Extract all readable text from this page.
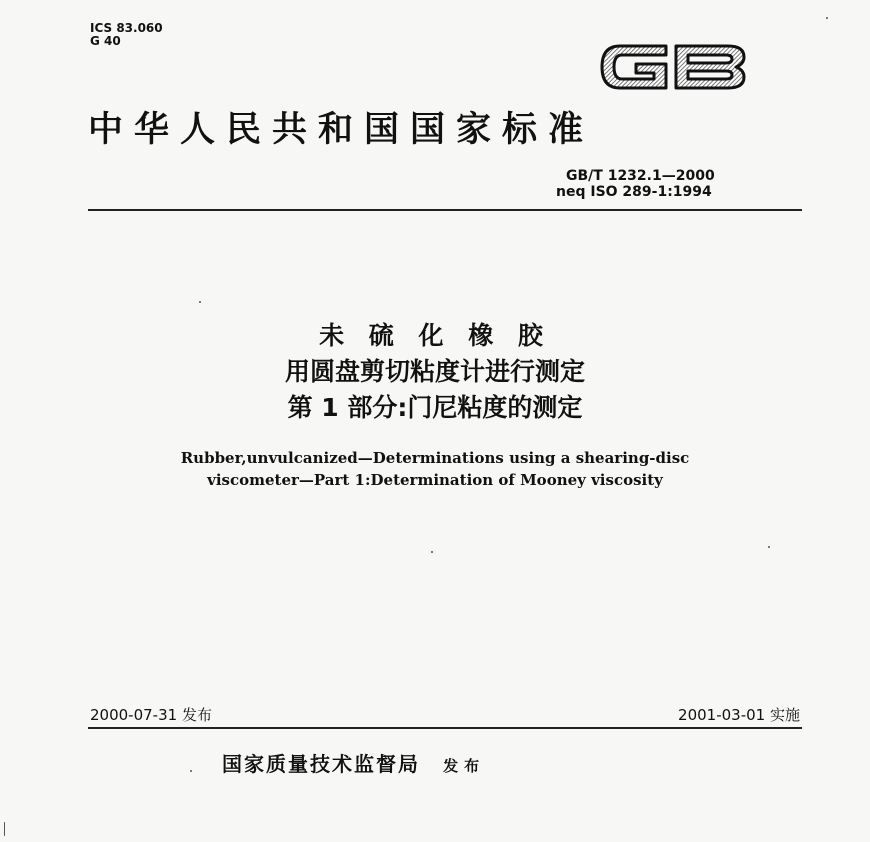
ICS 83.060
G 40
中华人民共和国国家标准
GB/T 1232.1—2000
neq ISO 289-1:1994
未 硫 化 橡 胶
用圆盘剪切粘度计进行测定
第 1 部分:门尼粘度的测定
Rubber,unvulcanized—Determinations using a shearing-disc
viscometer—Part 1:Determination of Mooney viscosity
2000-07-31 发布	2001-03-01 实施
国家质量技术监督局 发布
